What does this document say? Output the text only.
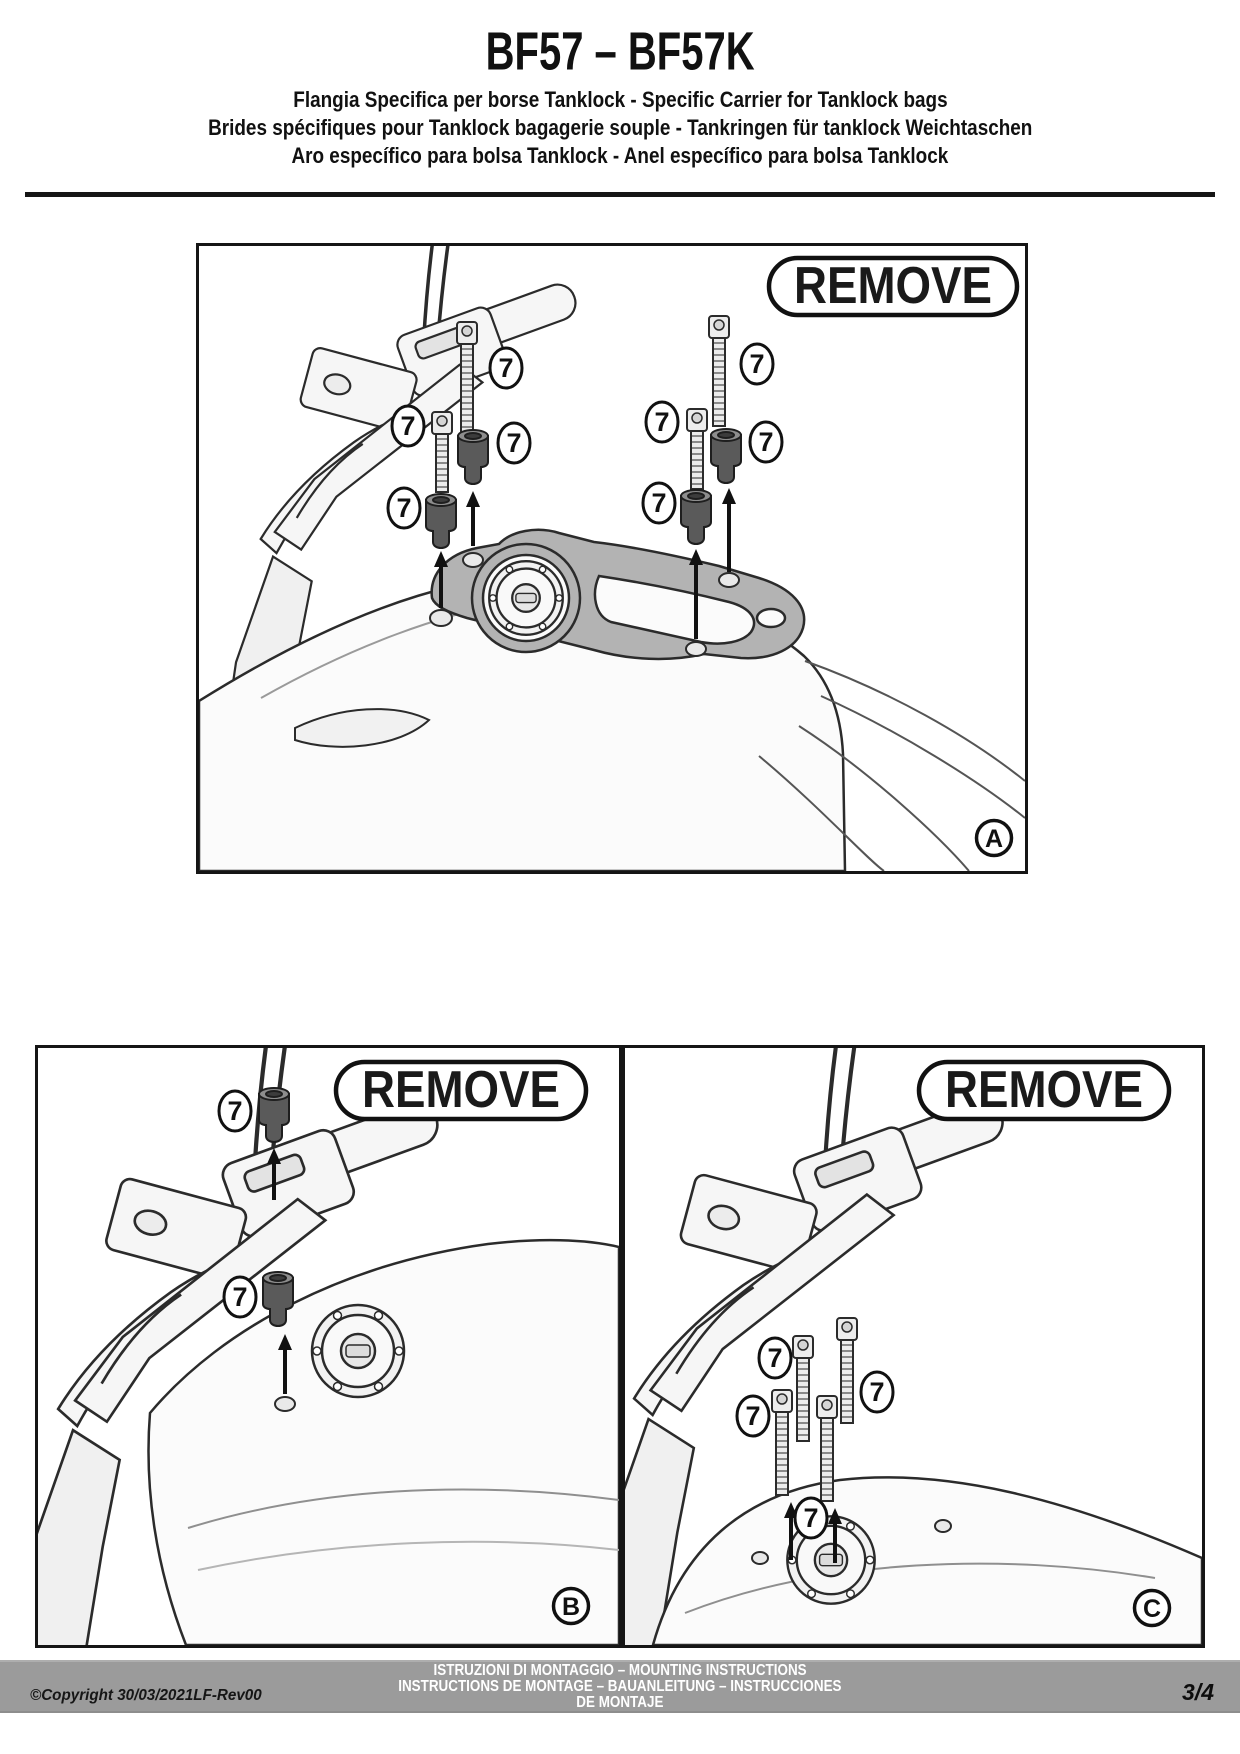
BF57 – BF57K
Flangia Specifica per borse Tanklock - Specific Carrier for Tanklock bags
Brides spécifiques pour Tanklock bagagerie souple - Tankringen für tanklock Weichtaschen
Aro específico para bolsa Tanklock - Anel específico para bolsa Tanklock
7
7
7
7
7
7
7
7
REMOVE
A
7
7
REMOVE
B
7
7
7
7
REMOVE
C
ISTRUZIONI DI MONTAGGIO – MOUNTING INSTRUCTIONS
INSTRUCTIONS DE MONTAGE – BAUANLEITUNG – INSTRUCCIONES
DE MONTAJE
©Copyright 30/03/2021LF-Rev00	3/4
